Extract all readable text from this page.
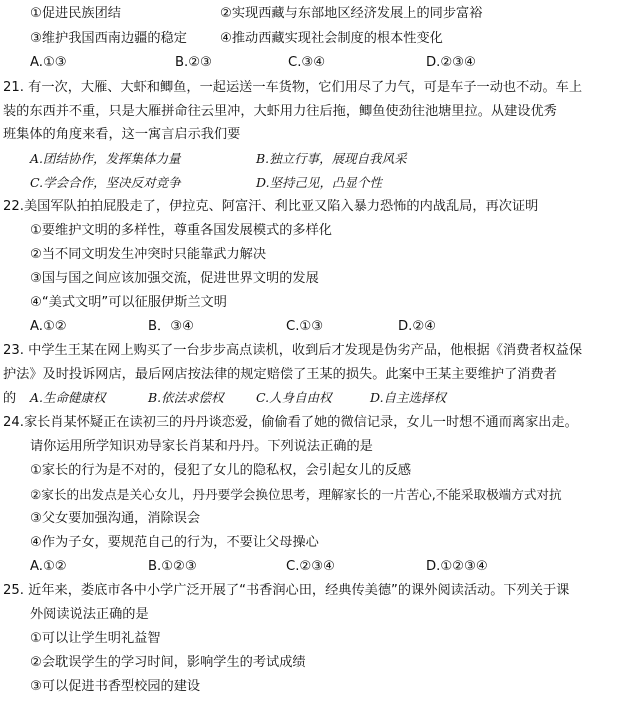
①促进民族团结	②实现西藏与东部地区经济发展上的同步富裕
③维护我国西南边疆的稳定	④推动西藏实现社会制度的根本性变化
A.①③	B.②③	C.③④	D.②③④
21. 有一次，大雁、大虾和鲫鱼，一起运送一车货物，它们用尽了力气，可是车子一动也不动。车上
装的东西并不重，只是大雁拼命往云里冲，大虾用力往后拖，鲫鱼使劲往池塘里拉。从建设优秀
班集体的角度来看，这一寓言启示我们要
A.团结协作，发挥集体力量	B.独立行事，展现自我风采
C.学会合作，坚决反对竞争	D.坚持己见，凸显个性
22.美国军队拍拍屁股走了，伊拉克、阿富汗、利比亚又陷入暴力恐怖的内战乱局，再次证明
①要维护文明的多样性，尊重各国发展模式的多样化
②当不同文明发生冲突时只能靠武力解决
③国与国之间应该加强交流，促进世界文明的发展
④“美式文明”可以征服伊斯兰文明
A.①②	B．③④	C.①③	D.②④
23. 中学生王某在网上购买了一台步步高点读机，收到后才发现是伪劣产品，他根据《消费者权益保
护法》及时投诉网店，最后网店按法律的规定赔偿了王某的损失。此案中王某主要维护了消费者
的 A.生命健康权	B.依法求偿权	C.人身自由权	D.自主选择权
24.家长肖某怀疑正在读初三的丹丹谈恋爱，偷偷看了她的微信记录，女儿一时想不通而离家出走。
请你运用所学知识劝导家长肖某和丹丹。下列说法正确的是
①家长的行为是不对的，侵犯了女儿的隐私权，会引起女儿的反感
②家长的出发点是关心女儿，丹丹要学会换位思考，理解家长的一片苦心,不能采取极端方式对抗
③父女要加强沟通，消除误会
④作为子女，要规范自己的行为，不要让父母操心
A.①②	B.①②③	C.②③④	D.①②③④
25. 近年来，娄底市各中小学广泛开展了“书香润心田，经典传美德”的课外阅读活动。下列关于课
外阅读说法正确的是
①可以让学生明礼益智
②会耽误学生的学习时间，影响学生的考试成绩
③可以促进书香型校园的建设
